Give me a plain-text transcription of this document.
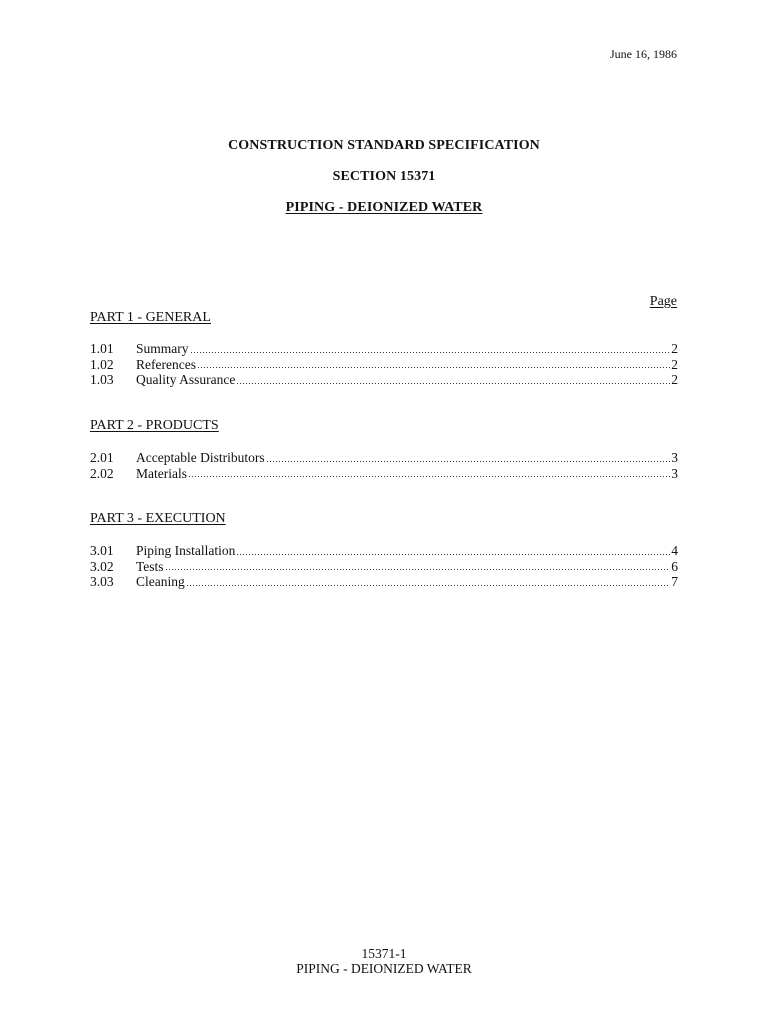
June 16, 1986
CONSTRUCTION STANDARD SPECIFICATION
SECTION 15371
PIPING - DEIONIZED WATER
Page
PART 1 - GENERAL
1.01	Summary	2
1.02	References	2
1.03	Quality Assurance	2
PART 2 - PRODUCTS
2.01	Acceptable Distributors	3
2.02	Materials	3
PART 3 - EXECUTION
3.01	Piping Installation	4
3.02	Tests	6
3.03	Cleaning	7
15371-1
PIPING - DEIONIZED WATER
